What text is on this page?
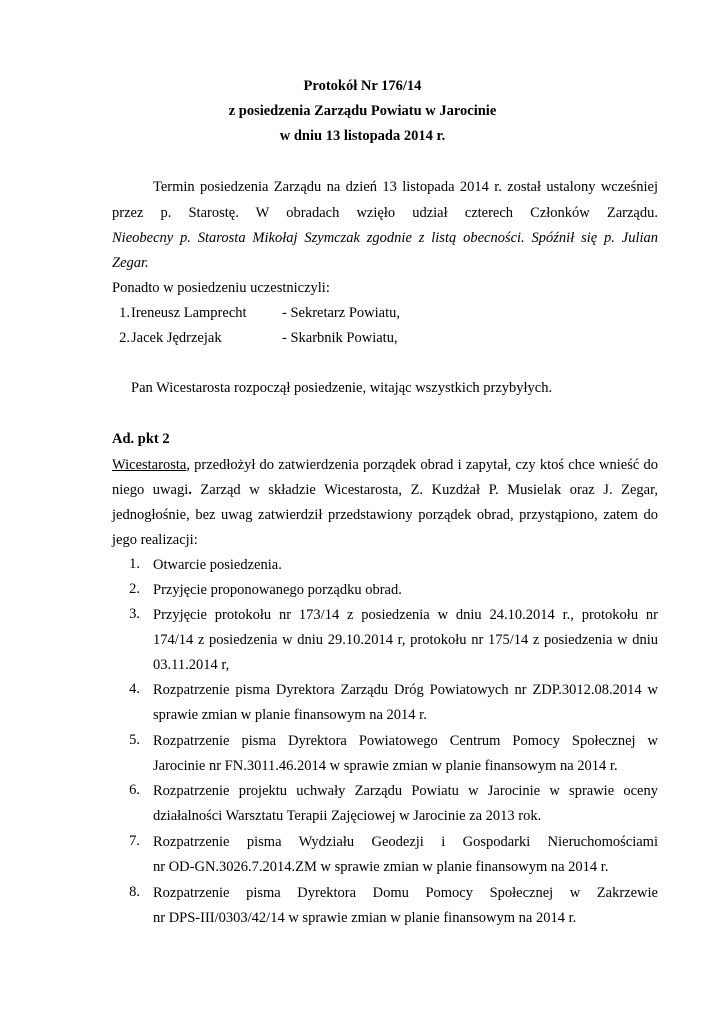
Protokół Nr 176/14
z posiedzenia Zarządu Powiatu w Jarocinie
w dniu 13 listopada 2014 r.
Termin posiedzenia Zarządu na dzień 13 listopada 2014 r. został ustalony wcześniej
przez p. Starostę. W obradach wzięło udział czterech Członków Zarządu.
Nieobecny p. Starosta Mikołaj Szymczak zgodnie z listą obecności. Spóźnił się p. Julian
Zegar.
Ponadto w posiedzeniu uczestniczyli:
1. Ireneusz Lamprecht - Sekretarz Powiatu,
2. Jacek Jędrzejak	- Skarbnik Powiatu,
Pan Wicestarosta rozpoczął posiedzenie, witając wszystkich przybyłych.
Ad. pkt 2
Wicestarosta, przedłożył do zatwierdzenia porządek obrad i zapytał, czy ktoś chce wnieść do
niego uwagi. Zarząd w składzie Wicestarosta, Z. Kuzdżał P. Musielak oraz J. Zegar,
jednogłośnie, bez uwag zatwierdził przedstawiony porządek obrad, przystąpiono, zatem do
jego realizacji:
1. Otwarcie posiedzenia.
2. Przyjęcie proponowanego porządku obrad.
3. Przyjęcie protokołu nr 173/14 z posiedzenia w dniu 24.10.2014 r., protokołu nr
174/14 z posiedzenia w dniu 29.10.2014 r, protokołu nr 175/14 z posiedzenia w dniu
03.11.2014 r,
4. Rozpatrzenie pisma Dyrektora Zarządu Dróg Powiatowych nr ZDP.3012.08.2014 w
sprawie zmian w planie finansowym na 2014 r.
5. Rozpatrzenie pisma Dyrektora Powiatowego Centrum Pomocy Społecznej w
Jarocinie nr FN.3011.46.2014 w sprawie zmian w planie finansowym na 2014 r.
6. Rozpatrzenie projektu uchwały Zarządu Powiatu w Jarocinie w sprawie oceny
działalności Warsztatu Terapii Zajęciowej w Jarocinie za 2013 rok.
7. Rozpatrzenie pisma Wydziału Geodezji i Gospodarki Nieruchomościami
nr OD-GN.3026.7.2014.ZM w sprawie zmian w planie finansowym na 2014 r.
8. Rozpatrzenie pisma Dyrektora Domu Pomocy Społecznej w Zakrzewie
nr DPS-III/0303/42/14 w sprawie zmian w planie finansowym na 2014 r.
